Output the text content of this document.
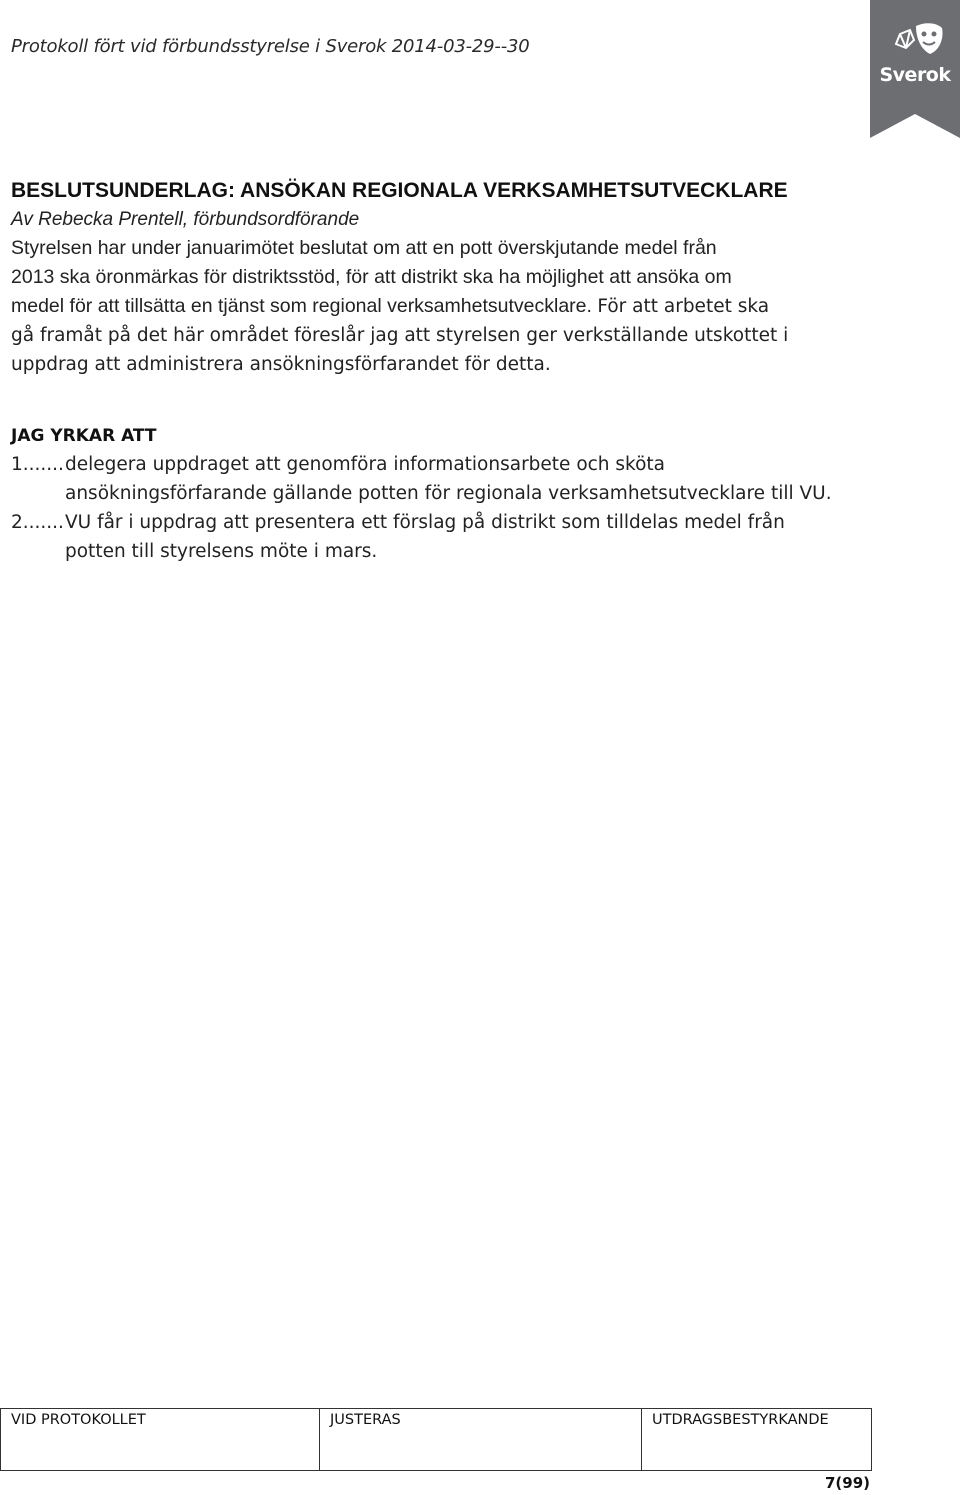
Protokoll fört vid förbundsstyrelse i Sverok 2014-03-29--30
Sverok
BESLUTSUNDERLAG: ANSÖKAN REGIONALA VERKSAMHETSUTVECKLARE
Av Rebecka Prentell, förbundsordförande
Styrelsen har under januarimötet beslutat om att en pott överskjutande medel från
2013 ska öronmärkas för distriktsstöd, för att distrikt ska ha möjlighet att ansöka om
medel för att tillsätta en tjänst som regional verksamhetsutvecklare. För att arbetet ska
gå framåt på det här området föreslår jag att styrelsen ger verkställande utskottet i
uppdrag att administrera ansökningsförfarandet för detta.
JAG YRKAR ATT
1....... delegera uppdraget att genomföra informationsarbete och sköta
ansökningsförfarande gällande potten för regionala verksamhetsutvecklare till VU.
2....... VU får i uppdrag att presentera ett förslag på distrikt som tilldelas medel från
potten till styrelsens möte i mars.
VID PROTOKOLLET	JUSTERAS	UTDRAGSBESTYRKANDE
7(99)
